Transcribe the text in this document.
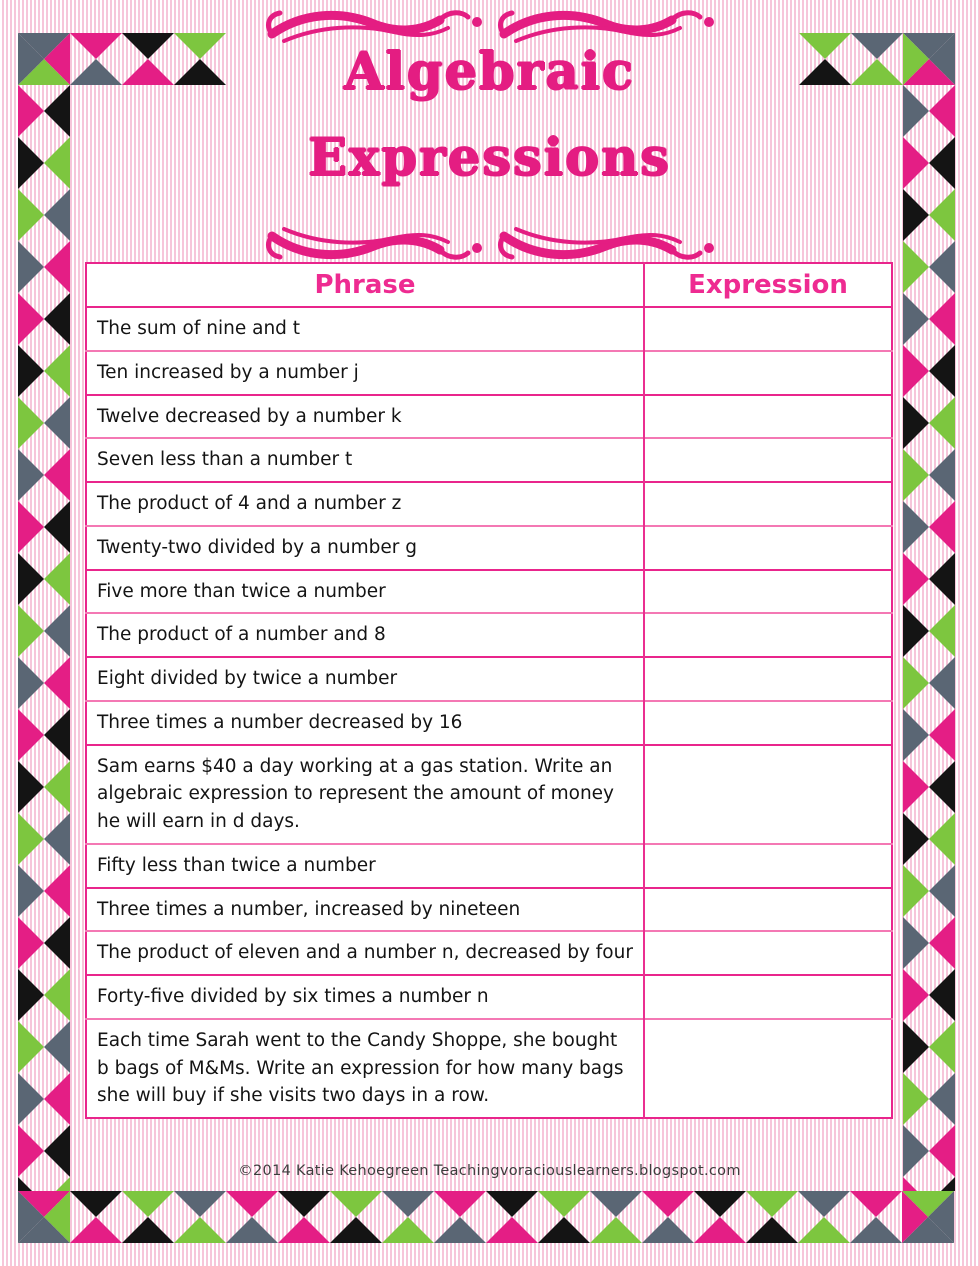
Algebraic
Expressions
Phrase	Expression
The sum of nine and t	
Ten increased by a number j	
Twelve decreased by a number k	
Seven less than a number t	
The product of 4 and a number z	
Twenty-two divided by a number g	
Five more than twice a number	
The product of a number and 8	
Eight divided by twice a number	
Three times a number decreased by 16	
Sam earns $40 a day working at a gas station. Write an algebraic expression to represent the amount of money he will earn in d days.	
Fifty less than twice a number	
Three times a number, increased by nineteen	
The product of eleven and a number n, decreased by four	
Forty-five divided by six times a number n	
Each time Sarah went to the Candy Shoppe, she bought b bags of M&Ms. Write an expression for how many bags she will buy if she visits two days in a row.	
©2014 Katie Kehoegreen Teachingvoraciouslearners.blogspot.com
